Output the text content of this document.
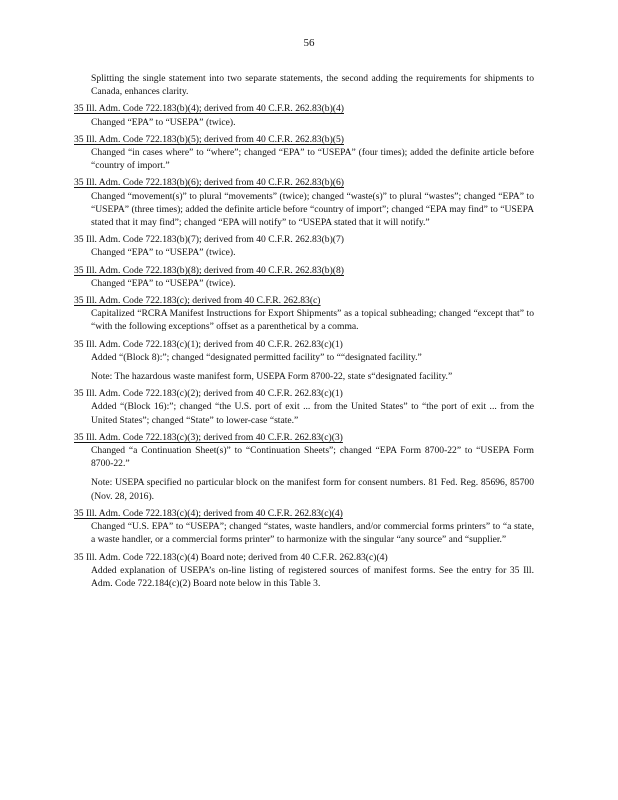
56

Splitting the single statement into two separate statements, the second adding the requirements for shipments to Canada, enhances clarity.

35 Ill. Adm. Code 722.183(b)(4); derived from 40 C.F.R. 262.83(b)(4)
Changed “EPA” to “USEPA” (twice).
35 Ill. Adm. Code 722.183(b)(5); derived from 40 C.F.R. 262.83(b)(5)
Changed “in cases where” to “where”; changed “EPA” to “USEPA” (four times); added the definite article before “country of import.”
35 Ill. Adm. Code 722.183(b)(6); derived from 40 C.F.R. 262.83(b)(6)
Changed “movement(s)” to plural “movements” (twice); changed “waste(s)” to plural “wastes”; changed “EPA” to “USEPA” (three times); added the definite article before “country of import”; changed “EPA may find” to “USEPA stated that it may find”; changed “EPA will notify” to “USEPA stated that it will notify.”
35 Ill. Adm. Code 722.183(b)(7); derived from 40 C.F.R. 262.83(b)(7)
Changed “EPA” to “USEPA” (twice).
35 Ill. Adm. Code 722.183(b)(8); derived from 40 C.F.R. 262.83(b)(8)
Changed “EPA” to “USEPA” (twice).
35 Ill. Adm. Code 722.183(c); derived from 40 C.F.R. 262.83(c)
Capitalized “RCRA Manifest Instructions for Export Shipments” as a topical subheading; changed “except that” to “with the following exceptions” offset as a parenthetical by a comma.
35 Ill. Adm. Code 722.183(c)(1); derived from 40 C.F.R. 262.83(c)(1)
Added “(Block 8):”; changed “designated permitted facility” to ““designated facility.”
Note: The hazardous waste manifest form, USEPA Form 8700-22, state s“designated facility.”
35 Ill. Adm. Code 722.183(c)(2); derived from 40 C.F.R. 262.83(c)(1)
Added “(Block 16):”; changed “the U.S. port of exit ... from the United States” to “the port of exit ... from the United States”; changed “State” to lower-case “state.”
35 Ill. Adm. Code 722.183(c)(3); derived from 40 C.F.R. 262.83(c)(3)
Changed “a Continuation Sheet(s)” to “Continuation Sheets”; changed “EPA Form 8700-22” to “USEPA Form 8700-22.”
Note: USEPA specified no particular block on the manifest form for consent numbers. 81 Fed. Reg. 85696, 85700 (Nov. 28, 2016).
35 Ill. Adm. Code 722.183(c)(4); derived from 40 C.F.R. 262.83(c)(4)
Changed “U.S. EPA” to “USEPA”; changed “states, waste handlers, and/or commercial forms printers” to “a state, a waste handler, or a commercial forms printer” to harmonize with the singular “any source” and “supplier.”
35 Ill. Adm. Code 722.183(c)(4) Board note; derived from 40 C.F.R. 262.83(c)(4)
Added explanation of USEPA’s on-line listing of registered sources of manifest forms. See the entry for 35 Ill. Adm. Code 722.184(c)(2) Board note below in this Table 3.
